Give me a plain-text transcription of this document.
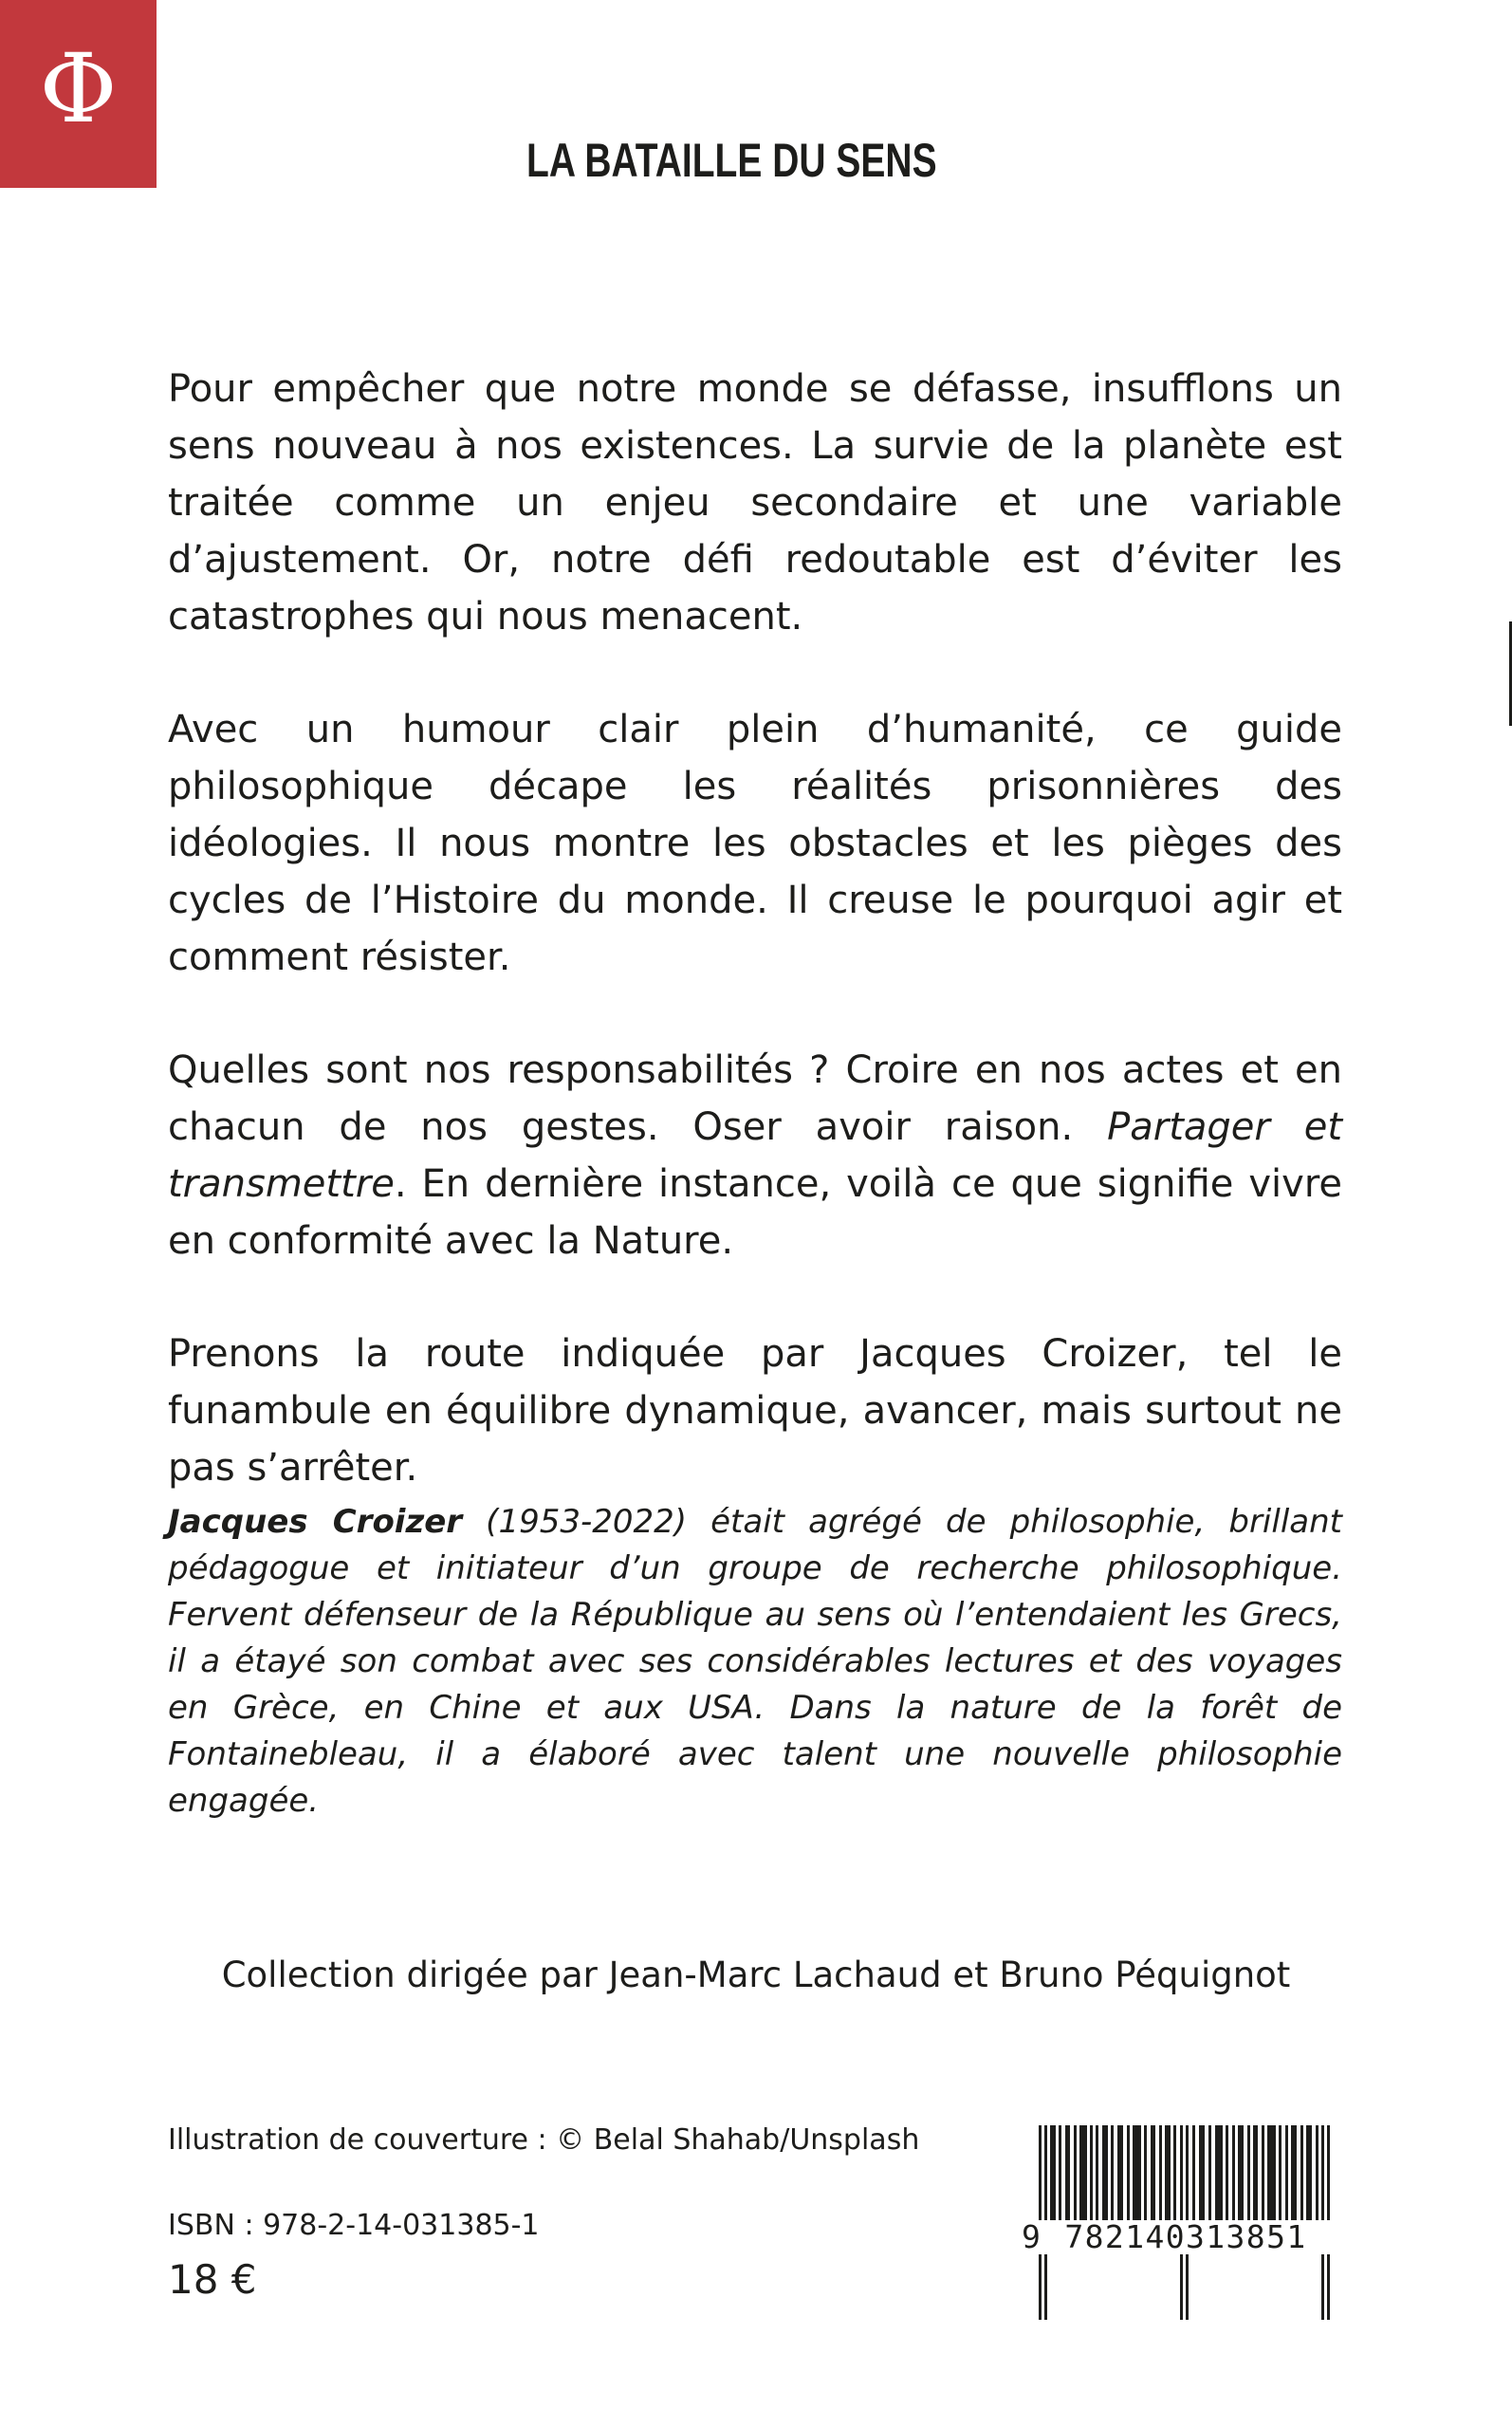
Φ
LA BATAILLE DU SENS

Pour empêcher que notre monde se défasse, insufflons un sens nouveau à nos existences. La survie de la planète est traitée comme un enjeu secondaire et une variable d’ajustement. Or, notre défi redoutable est d’éviter les catastrophes qui nous menacent.

Avec un humour clair plein d’humanité, ce guide philosophique décape les réalités prisonnières des idéologies. Il nous montre les obstacles et les pièges des cycles de l’Histoire du monde. Il creuse le pourquoi agir et comment résister.

Quelles sont nos responsabilités ? Croire en nos actes et en chacun de nos gestes. Oser avoir raison. Partager et transmettre. En dernière instance, voilà ce que signifie vivre en conformité avec la Nature.

Prenons la route indiquée par Jacques Croizer, tel le funambule en équilibre dynamique, avancer, mais surtout ne pas s’arrêter.

Jacques Croizer (1953-2022) était agrégé de philosophie, brillant pédagogue et initiateur d’un groupe de recherche philosophique. Fervent défenseur de la République au sens où l’entendaient les Grecs, il a étayé son combat avec ses considérables lectures et des voyages en Grèce, en Chine et aux USA. Dans la nature de la forêt de Fontainebleau, il a élaboré avec talent une nouvelle philosophie engagée.

Collection dirigée par Jean-Marc Lachaud et Bruno Péquignot
Illustration de couverture : © Belal Shahab/Unsplash
ISBN : 978-2-14-031385-1
18 €
9 782140313851
